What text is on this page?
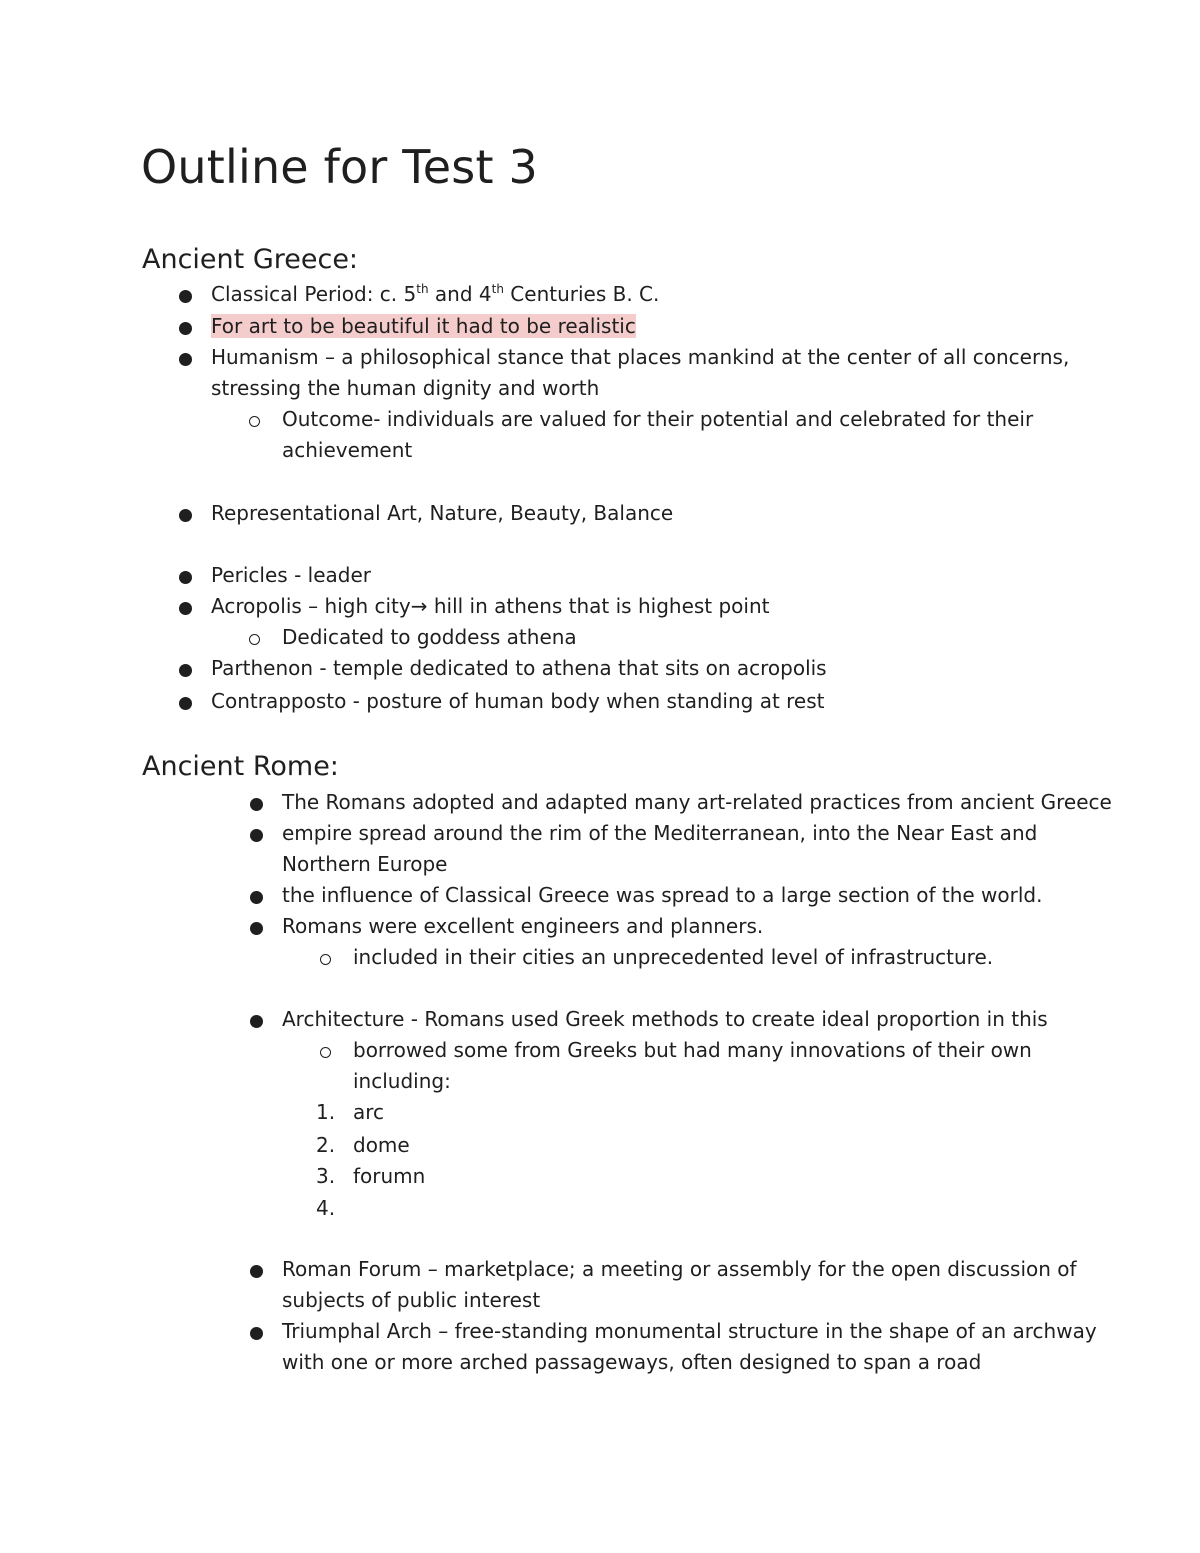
Outline for Test 3
Ancient Greece:
Classical Period: c. 5th and 4th Centuries B. C.
For art to be beautiful it had to be realistic
Humanism – a philosophical stance that places mankind at the center of all concerns,
stressing the human dignity and worth
Outcome- individuals are valued for their potential and celebrated for their
achievement
Representational Art, Nature, Beauty, Balance
Pericles - leader
Acropolis – high city→ hill in athens that is highest point
Dedicated to goddess athena
Parthenon - temple dedicated to athena that sits on acropolis
Contrapposto - posture of human body when standing at rest
Ancient Rome:
The Romans adopted and adapted many art-related practices from ancient Greece
empire spread around the rim of the Mediterranean, into the Near East and
Northern Europe
the influence of Classical Greece was spread to a large section of the world.
Romans were excellent engineers and planners.
included in their cities an unprecedented level of infrastructure.
Architecture - Romans used Greek methods to create ideal proportion in this
borrowed some from Greeks but had many innovations of their own
including:
1. arc
2. dome
3. forumn
4.
Roman Forum – marketplace; a meeting or assembly for the open discussion of
subjects of public interest
Triumphal Arch – free-standing monumental structure in the shape of an archway
with one or more arched passageways, often designed to span a road
